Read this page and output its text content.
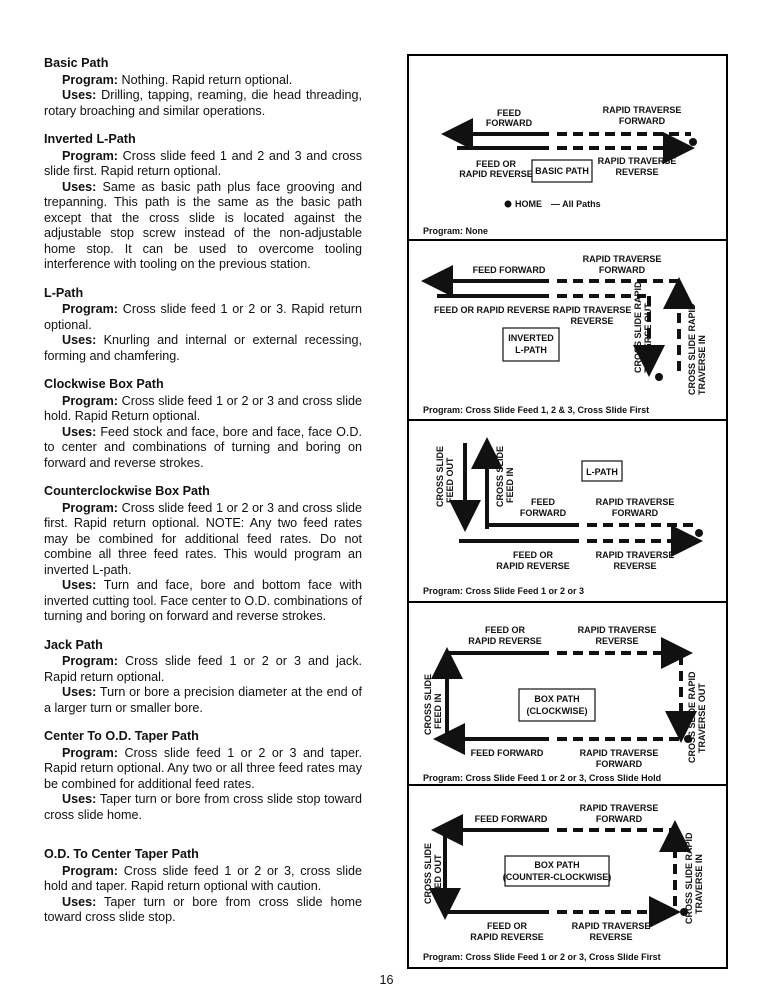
Basic Path

Program: Nothing. Rapid return optional.

Uses: Drilling, tapping, reaming, die head threading, rotary broaching and similar operations.

Inverted L-Path

Program: Cross slide feed 1 and 2 and 3 and cross slide first. Rapid return optional.

Uses: Same as basic path plus face grooving and trepanning. This path is the same as the basic path except that the cross slide is located against the adjustable stop screw instead of the non-adjustable home stop. It can be used to overcome tooling interference with tooling on the previous station.

L-Path

Program: Cross slide feed 1 or 2 or 3. Rapid return optional.

Uses: Knurling and internal or external recessing, forming and chamfering.

Clockwise Box Path

Program: Cross slide feed 1 or 2 or 3 and cross slide hold. Rapid Return optional.

Uses: Feed stock and face, bore and face, face O.D. to center and combinations of turning and boring on forward and reverse strokes.

Counterclockwise Box Path

Program: Cross slide feed 1 or 2 or 3 and cross slide first. Rapid return optional. NOTE: Any two feed rates may be combined for additional feed rates. Do not combine all three feed rates. This would program an inverted L-path.

Uses: Turn and face, bore and bottom face with inverted cutting tool. Face center to O.D. combinations of turning and boring on forward and reverse strokes.

Jack Path

Program: Cross slide feed 1 or 2 or 3 and jack. Rapid return optional.

Uses: Turn or bore a precision diameter at the end of a larger turn or smaller bore.

Center To O.D. Taper Path

Program: Cross slide feed 1 or 2 or 3 and taper. Rapid return optional. Any two or all three feed rates may be combined for additional feed rates.

Uses: Taper turn or bore from cross slide stop toward cross slide home.

O.D. To Center Taper Path

Program: Cross slide feed 1 or 2 or 3, cross slide hold and taper. Rapid return optional with caution.

Uses: Taper turn or bore from cross slide home toward cross slide stop.

16
FEED
FORWARD
RAPID TRAVERSE
FORWARD
FEED OR
RAPID REVERSE BASIC PATH
RAPID TRAVERSE
REVERSE
HOME — All Paths
Program: None
RAPID TRAVERSE
FORWARD
FEED FORWARD
FEED OR RAPID REVERSE RAPID TRAVERSE
REVERSE
INVERTED
L-PATH	CROSS SLIDE RAPID TRAVERSE OUT	CROSS SLIDE RAPID TRAVERSE IN
Program: Cross Slide Feed 1, 2 & 3, Cross Slide First
CROSS SLIDE FEED OUT	CROSS SLIDE FEED IN	L-PATH
FEED
FORWARD
RAPID TRAVERSE
FORWARD
FEED OR
RAPID REVERSE
RAPID TRAVERSE
REVERSE
Program: Cross Slide Feed 1 or 2 or 3
FEED OR
RAPID REVERSE
RAPID TRAVERSE
REVERSE
CROSS SLIDE FEED IN	CROSS SLIDE RAPID TRAVERSE OUT
BOX PATH
(CLOCKWISE)
FEED FORWARD	RAPID TRAVERSE
FORWARD
Program: Cross Slide Feed 1 or 2 or 3, Cross Slide Hold
RAPID TRAVERSE
FORWARD
FEED FORWARD
CROSS SLIDE FEED OUT	CROSS SLIDE RAPID TRAVERSE IN
BOX PATH
(COUNTER-CLOCKWISE)
FEED OR
RAPID REVERSE
RAPID TRAVERSE
REVERSE
Program: Cross Slide Feed 1 or 2 or 3, Cross Slide First
